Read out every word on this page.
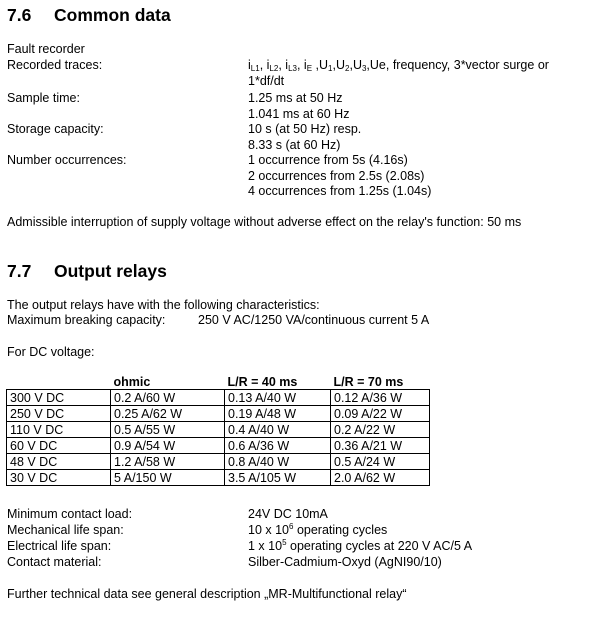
7.6 Common data
Fault recorder
Recorded traces:	$i_{L1}$, $i_{L2}$, $i_{L3}$, $i_E$ $,U_1,U_2,U_3,Ue$, frequency, 3*vector surge or
1*df/dt
Sample time:	1.25 ms at 50 Hz
1.041 ms at 60 Hz
Storage capacity:	10 s (at 50 Hz) resp.
8.33 s (at 60 Hz)
Number occurrences:	1 occurrence from 5s (4.16s)
2 occurrences from 2.5s (2.08s)
4 occurrences from 1.25s (1.04s)
Admissible interruption of supply voltage without adverse effect on the relay's function: 50 ms
7.7 Output relays
The output relays have with the following characteristics:
Maximum breaking capacity:	250 V AC/1250 VA/continuous current 5 A
For DC voltage:
	ohmic	L/R = 40 ms	L/R = 70 ms
300 V DC	0.2 A/60 W	0.13 A/40 W	0.12 A/36 W
250 V DC	0.25 A/62 W	0.19 A/48 W	0.09 A/22 W
110 V DC	0.5 A/55 W	0.4 A/40 W	0.2 A/22 W
60 V DC	0.9 A/54 W	0.6 A/36 W	0.36 A/21 W
48 V DC	1.2 A/58 W	0.8 A/40 W	0.5 A/24 W
30 V DC	5 A/150 W	3.5 A/105 W	2.0 A/62 W
Minimum contact load:	24V DC 10mA
Mechanical life span:	10 x $10^6$ operating cycles
Electrical life span:	1 x $10^5$ operating cycles at 220 V AC/5 A
Contact material:	Silber-Cadmium-Oxyd (AgNI90/10)
Further technical data see general description „MR-Multifunctional relay“
